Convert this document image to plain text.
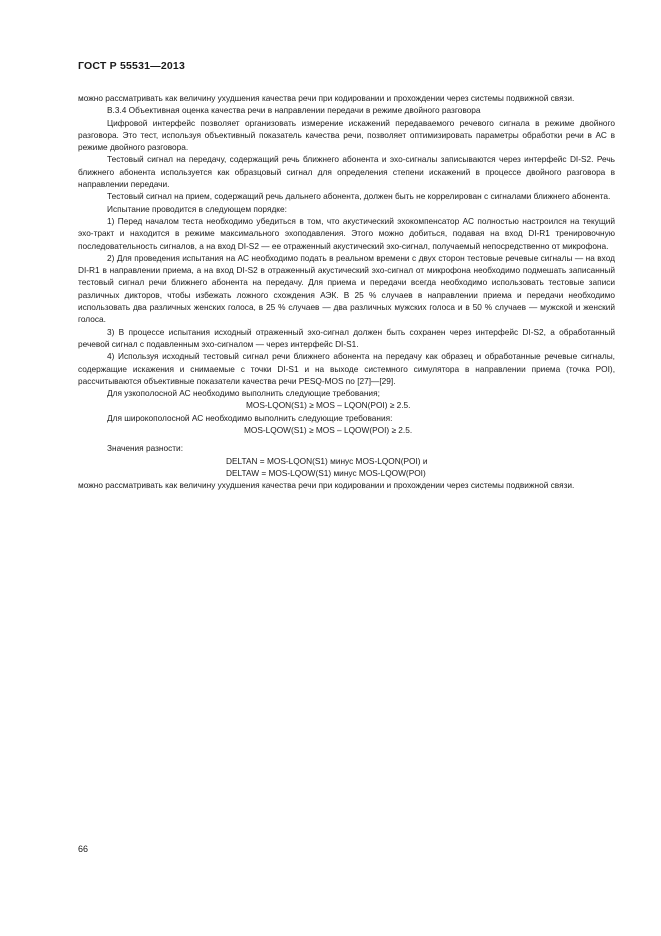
ГОСТ Р 55531—2013

можно рассматривать как величину ухудшения качества речи при кодировании и прохождении через системы подвижной связи.

В.3.4 Объективная оценка качества речи в направлении передачи в режиме двойного разговора

Цифровой интерфейс позволяет организовать измерение искажений передаваемого речевого сигнала в режиме двойного разговора. Это тест, используя объективный показатель качества речи, позволяет оптимизировать параметры обработки речи в АС в режиме двойного разговора.

Тестовый сигнал на передачу, содержащий речь ближнего абонента и эхо-сигналы записываются через интерфейс DI-S2. Речь ближнего абонента используется как образцовый сигнал для определения степени искажений в процессе двойного разговора в направлении передачи.

Тестовый сигнал на прием, содержащий речь дальнего абонента, должен быть не коррелирован с сигналами ближнего абонента.

Испытание проводится в следующем порядке:

1) Перед началом теста необходимо убедиться в том, что акустический эхокомпенсатор АС полностью настроился на текущий эхо-тракт и находится в режиме максимального эхоподавления. Этого можно добиться, подавая на вход DI-R1 тренировочную последовательность сигналов, а на вход DI-S2 — ее отраженный акустический эхо-сигнал, получаемый непосредственно от микрофона.

2) Для проведения испытания на АС необходимо подать в реальном времени с двух сторон тестовые речевые сигналы — на вход DI-R1 в направлении приема, а на вход DI-S2 в отраженный акустический эхо-сигнал от микрофона необходимо подмешать записанный тестовый сигнал речи ближнего абонента на передачу. Для приема и передачи всегда необходимо использовать тестовые записи различных дикторов, чтобы избежать ложного схождения АЭК. В 25 % случаев в направлении приема и передачи необходимо использовать два различных женских голоса, в 25 % случаев — два различных мужских голоса и в 50 % случаев — мужской и женский голоса.

3) В процессе испытания исходный отраженный эхо-сигнал должен быть сохранен через интерфейс DI-S2, а обработанный речевой сигнал с подавленным эхо-сигналом — через интерфейс DI-S1.

4) Используя исходный тестовый сигнал речи ближнего абонента на передачу как образец и обработанные речевые сигналы, содержащие искажения и снимаемые с точки DI-S1 и на выходе системного симулятора в направлении приема (точка POI), рассчитываются объективные показатели качества речи PESQ-MOS по [27]—[29].

Для узкополосной АС необходимо выполнить следующие требования;

MOS-LQON(S1) ≥ MOS – LQON(POI) ≥ 2.5.

Для широкополосной АС необходимо выполнить следующие требования:

MOS-LQOW(S1) ≥ MOS – LQOW(POI) ≥ 2.5.

Значения разности:

DELTAN = MOS-LQON(S1) минус MOS-LQON(POI) и

DELTAW = MOS-LQOW(S1) минус MOS-LQOW(POI)

можно рассматривать как величину ухудшения качества речи при кодировании и прохождении через системы подвижной связи.

66
